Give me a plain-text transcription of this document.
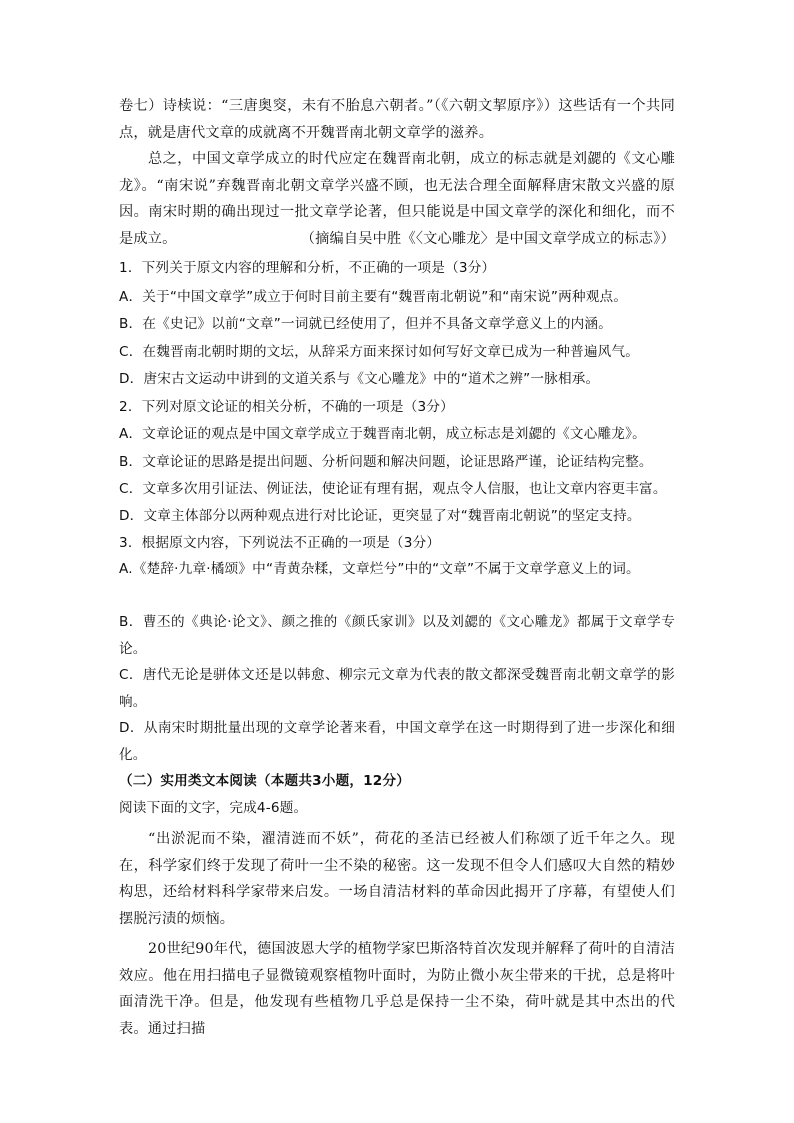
卷七）诗椟说：“三唐奥窔，未有不胎息六朝者。”（《六朝文挈原序》）这些话有一个共同点，就是唐代文章的成就离不开魏晋南北朝文章学的滋养。

总之，中国文章学成立的时代应定在魏晋南北朝，成立的标志就是刘勰的《文心雕龙》。“南宋说”弃魏晋南北朝文章学兴盛不顾，也无法合理全面解释唐宋散文兴盛的原因。南宋时期的确出现过一批文章学论著，但只能说是中国文章学的深化和细化，而不是成立。	（摘编自吴中胜《〈文心雕龙〉是中国文章学成立的标志》）

1．下列关于原文内容的理解和分析，不正确的一项是（3分）

A．关于“中国文章学”成立于何时目前主要有“魏晋南北朝说”和“南宋说”两种观点。

B．在《史记》以前“文章”一词就已经使用了，但并不具备文章学意义上的内涵。

C．在魏晋南北朝时期的文坛，从辞采方面来探讨如何写好文章已成为一种普遍风气。

D．唐宋古文运动中讲到的文道关系与《文心雕龙》中的“道术之辨”一脉相承。

2．下列对原文论证的相关分析，不确的一项是（3分）

A．文章论证的观点是中国文章学成立于魏晋南北朝，成立标志是刘勰的《文心雕龙》。

B．文章论证的思路是提出问题、分析问题和解决问题，论证思路严谨，论证结构完整。

C．文章多次用引证法、例证法，使论证有理有据，观点令人信服，也让文章内容更丰富。

D．文章主体部分以两种观点进行对比论证，更突显了对“魏晋南北朝说”的坚定支持。

3．根据原文内容，下列说法不正确的一项是（3分）

A.《楚辞·九章·橘颂》中“青黄杂糅，文章烂兮”中的“文章”不属于文章学意义上的词。

B．曹丕的《典论·论文》、颜之推的《颜氏家训》以及刘勰的《文心雕龙》都属于文章学专论。

C．唐代无论是骈体文还是以韩愈、柳宗元文章为代表的散文都深受魏晋南北朝文章学的影响。

D．从南宋时期批量出现的文章学论著来看，中国文章学在这一时期得到了进一步深化和细化。

（二）实用类文本阅读（本题共3小题，12分）

阅读下面的文字，完成4-6题。

“出淤泥而不染，濯清涟而不妖”，荷花的圣洁已经被人们称颂了近千年之久。现在，科学家们终于发现了荷叶一尘不染的秘密。这一发现不但令人们感叹大自然的精妙构思，还给材料科学家带来启发。一场自清洁材料的革命因此揭开了序幕，有望使人们摆脱污渍的烦恼。

20世纪90年代，德国波恩大学的植物学家巴斯洛特首次发现并解释了荷叶的自清洁效应。他在用扫描电子显微镜观察植物叶面时，为防止微小灰尘带来的干扰，总是将叶面清洗干净。但是，他发现有些植物几乎总是保持一尘不染，荷叶就是其中杰出的代表。通过扫描
